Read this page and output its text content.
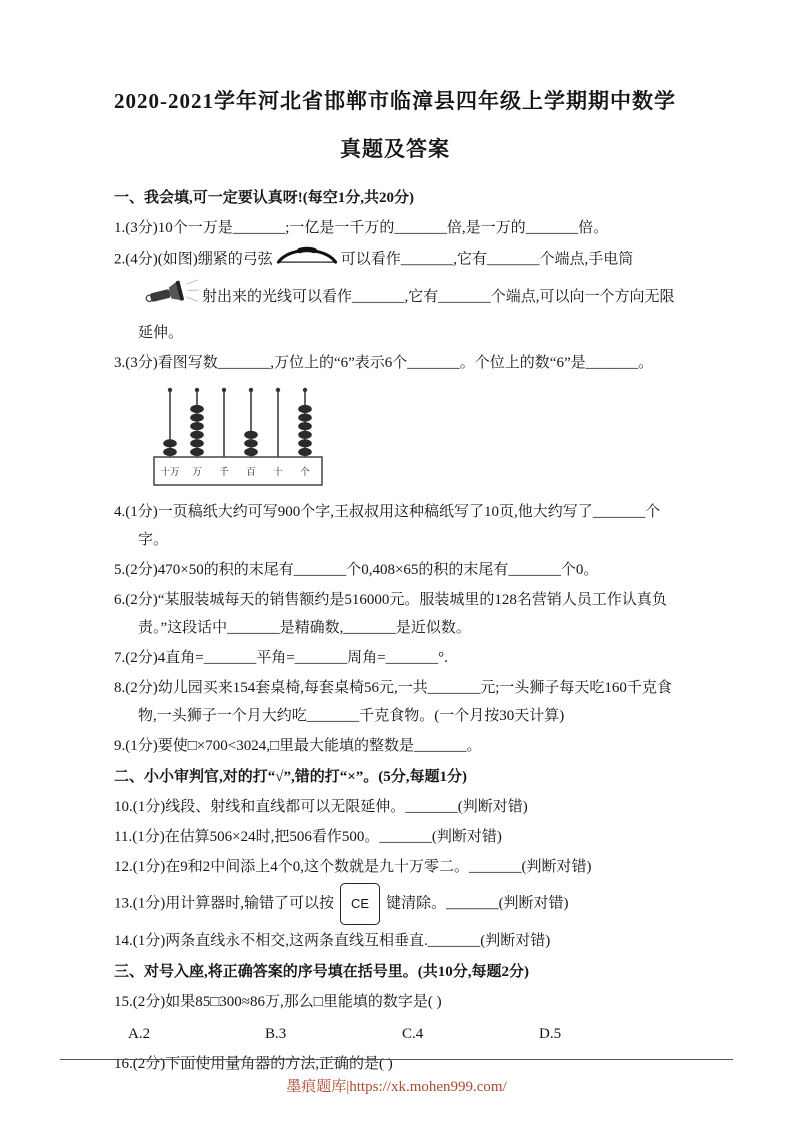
2020-2021学年河北省邯郸市临漳县四年级上学期期中数学
真题及答案

一、我会填,可一定要认真呀!(每空1分,共20分)

1.(3分)10个一万是_______;一亿是一千万的_______倍,是一万的_______倍。

2.(4分)(如图)绷紧的弓弦	可以看作_______,它有_______个端点,手电筒射出来的光线可以看作_______,它有_______个端点,可以向一个方向无限延伸。

3.(3分)看图写数_______,万位上的“6”表示6个_______。个位上的数“6”是_______。

十万 万 千 百 十 个

4.(1分)一页稿纸大约可写900个字,王叔叔用这种稿纸写了10页,他大约写了_______个字。

5.(2分)470×50的积的末尾有_______个0,408×65的积的末尾有_______个0。

6.(2分)“某服装城每天的销售额约是516000元。服装城里的128名营销人员工作认真负责。”这段话中_______是精确数,_______是近似数。

7.(2分)4直角=_______平角=_______周角=_______°.

8.(2分)幼儿园买来154套桌椅,每套桌椅56元,一共_______元;一头狮子每天吃160千克食物,一头狮子一个月大约吃_______千克食物。(一个月按30天计算)

9.(1分)要使□×700<3024,□里最大能填的整数是_______。

二、小小审判官,对的打“√”,错的打“×”。(5分,每题1分)

10.(1分)线段、射线和直线都可以无限延伸。_______(判断对错)

11.(1分)在估算506×24时,把506看作500。_______(判断对错)

12.(1分)在9和2中间添上4个0,这个数就是九十万零二。_______(判断对错)

13.(1分)用计算器时,输错了可以按 CE 键清除。_______(判断对错)

14.(1分)两条直线永不相交,这两条直线互相垂直._______(判断对错)

三、对号入座,将正确答案的序号填在括号里。(共10分,每题2分)

15.(2分)如果85□300≈86万,那么□里能填的数字是( )

A.2	B.3	C.4	D.5

16.(2分)下面使用量角器的方法,正确的是( )

墨痕题库|https://xk.mohen999.com/
